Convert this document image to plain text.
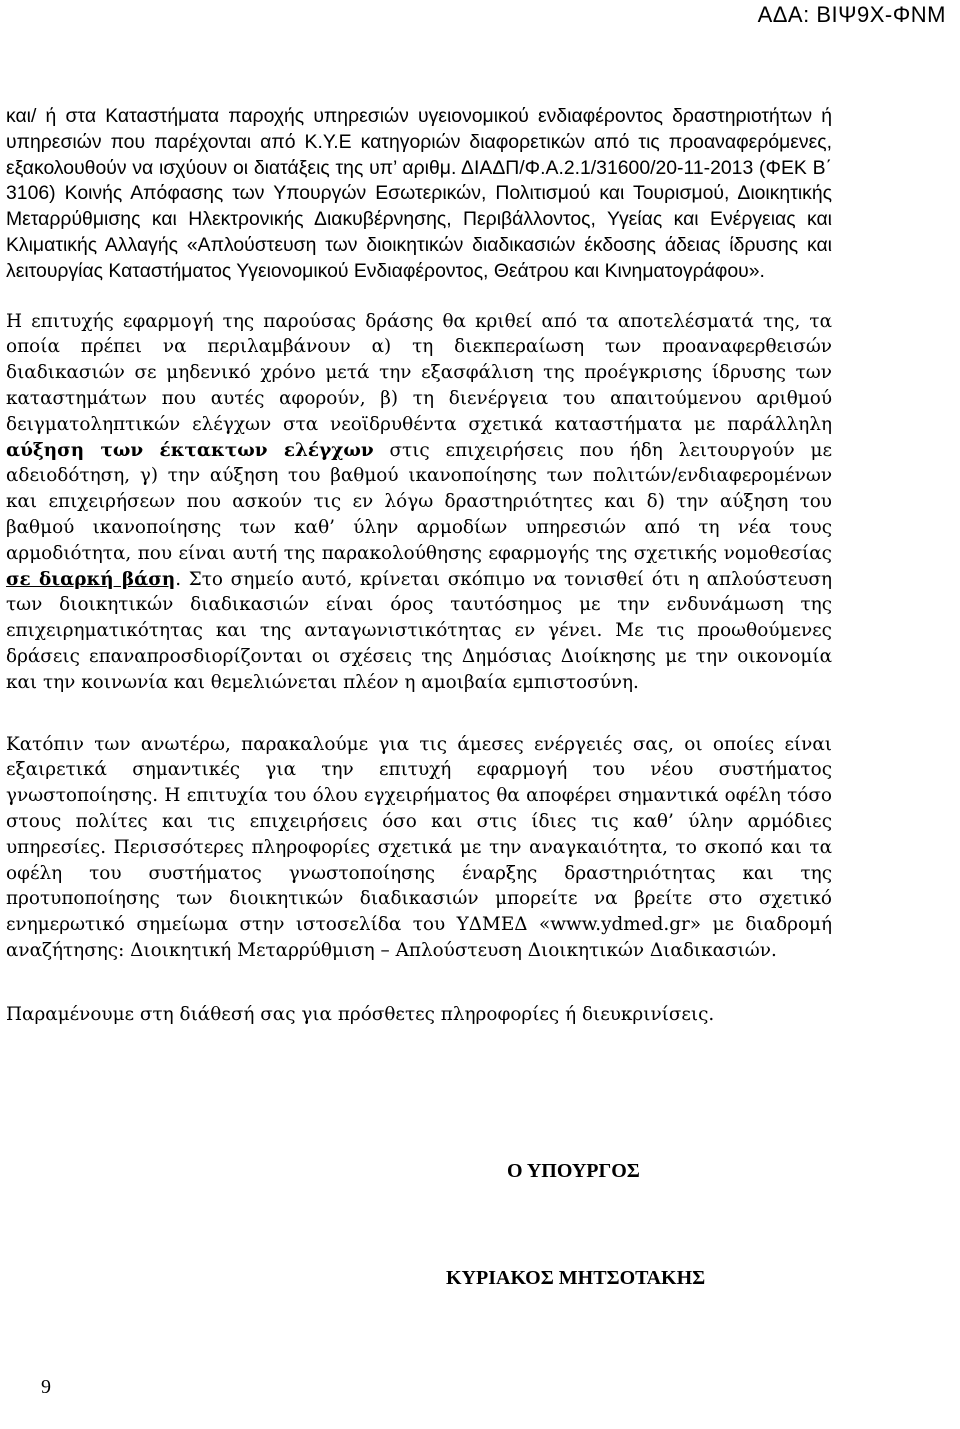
ΑΔΑ: ΒΙΨ9Χ-ΦΝΜ

και/ ή στα Καταστήματα παροχής υπηρεσιών υγειονομικού ενδιαφέροντος δραστηριοτήτων ή υπηρεσιών που παρέχονται από Κ.Υ.Ε κατηγοριών διαφορετικών από τις προαναφερόμενες, εξακολουθούν να ισχύουν οι διατάξεις της υπ’ αριθμ. ΔΙΑΔΠ/Φ.Α.2.1/31600/20-11-2013 (ΦΕΚ Β΄ 3106) Κοινής Απόφασης των Υπουργών Εσωτερικών, Πολιτισμού και Τουρισμού, Διοικητικής Μεταρρύθμισης και Ηλεκτρονικής Διακυβέρνησης, Περιβάλλοντος, Υγείας και Ενέργειας και Κλιματικής Αλλαγής «Απλούστευση των διοικητικών διαδικασιών έκδοσης άδειας ίδρυσης και λειτουργίας Καταστήματος Υγειονομικού Ενδιαφέροντος, Θεάτρου και Κινηματογράφου».

Η επιτυχής εφαρμογή της παρούσας δράσης θα κριθεί από τα αποτελέσματά της, τα οποία πρέπει να περιλαμβάνουν α) τη διεκπεραίωση των προαναφερθεισών διαδικασιών σε μηδενικό χρόνο μετά την εξασφάλιση της προέγκρισης ίδρυσης των καταστημάτων που αυτές αφορούν, β) τη διενέργεια του απαιτούμενου αριθμού δειγματοληπτικών ελέγχων στα νεοϊδρυθέντα σχετικά καταστήματα με παράλληλη αύξηση των έκτακτων ελέγχων στις επιχειρήσεις που ήδη λειτουργούν με αδειοδότηση, γ) την αύξηση του βαθμού ικανοποίησης των πολιτών/ενδιαφερομένων και επιχειρήσεων που ασκούν τις εν λόγω δραστηριότητες και δ) την αύξηση του βαθμού ικανοποίησης των καθ’ ύλην αρμοδίων υπηρεσιών από τη νέα τους αρμοδιότητα, που είναι αυτή της παρακολούθησης εφαρμογής της σχετικής νομοθεσίας σε διαρκή βάση. Στο σημείο αυτό, κρίνεται σκόπιμο να τονισθεί ότι η απλούστευση των διοικητικών διαδικασιών είναι όρος ταυτόσημος με την ενδυνάμωση της επιχειρηματικότητας και της ανταγωνιστικότητας εν γένει. Με τις προωθούμενες δράσεις επαναπροσδιορίζονται οι σχέσεις της Δημόσιας Διοίκησης με την οικονομία και την κοινωνία και θεμελιώνεται πλέον η αμοιβαία εμπιστοσύνη.

Κατόπιν των ανωτέρω, παρακαλούμε για τις άμεσες ενέργειές σας, οι οποίες είναι εξαιρετικά σημαντικές για την επιτυχή εφαρμογή του νέου συστήματος γνωστοποίησης. Η επιτυχία του όλου εγχειρήματος θα αποφέρει σημαντικά οφέλη τόσο στους πολίτες και τις επιχειρήσεις όσο και στις ίδιες τις καθ’ ύλην αρμόδιες υπηρεσίες. Περισσότερες πληροφορίες σχετικά με την αναγκαιότητα, το σκοπό και τα οφέλη του συστήματος γνωστοποίησης έναρξης δραστηριότητας και της προτυποποίησης των διοικητικών διαδικασιών μπορείτε να βρείτε στο σχετικό ενημερωτικό σημείωμα στην ιστοσελίδα του ΥΔΜΕΔ «www.ydmed.gr» με διαδρομή αναζήτησης: Διοικητική Μεταρρύθμιση – Απλούστευση Διοικητικών Διαδικασιών.

Παραμένουμε στη διάθεσή σας για πρόσθετες πληροφορίες ή διευκρινίσεις.

Ο ΥΠΟΥΡΓΟΣ
ΚΥΡΙΑΚΟΣ ΜΗΤΣΟΤΑΚΗΣ
9
